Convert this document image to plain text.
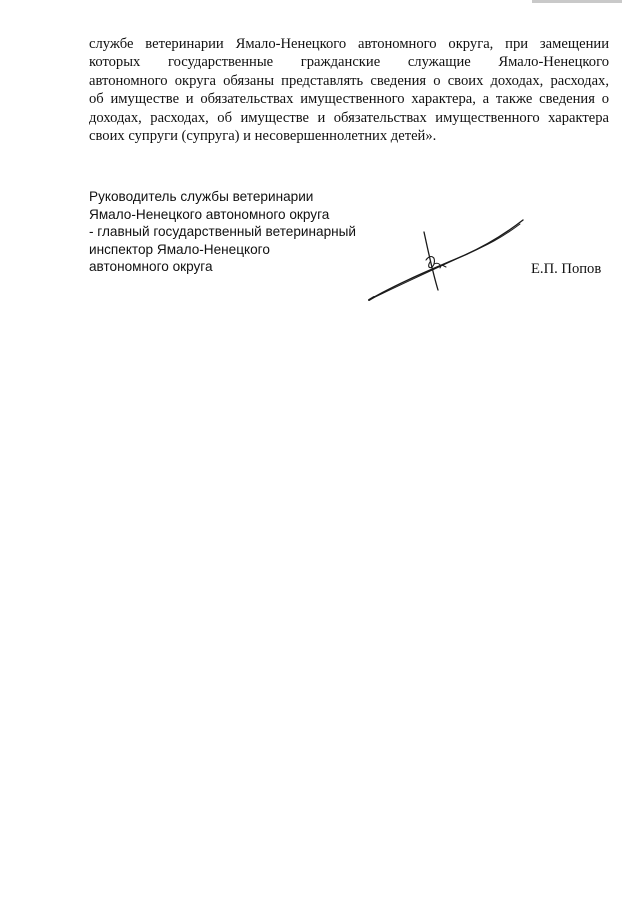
службе ветеринарии Ямало-Ненецкого автономного округа, при замещении
которых государственные гражданские служащие Ямало-Ненецкого
автономного округа обязаны представлять сведения о своих доходах, расходах,
об имуществе и обязательствах имущественного характера, а также сведения о
доходах, расходах, об имуществе и обязательствах имущественного характера
своих супруги (супруга) и несовершеннолетних детей».

Руководитель службы ветеринарии
Ямало-Ненецкого автономного округа
- главный государственный ветеринарный
инспектор Ямало-Ненецкого
автономного округа	Е.П. Попов
